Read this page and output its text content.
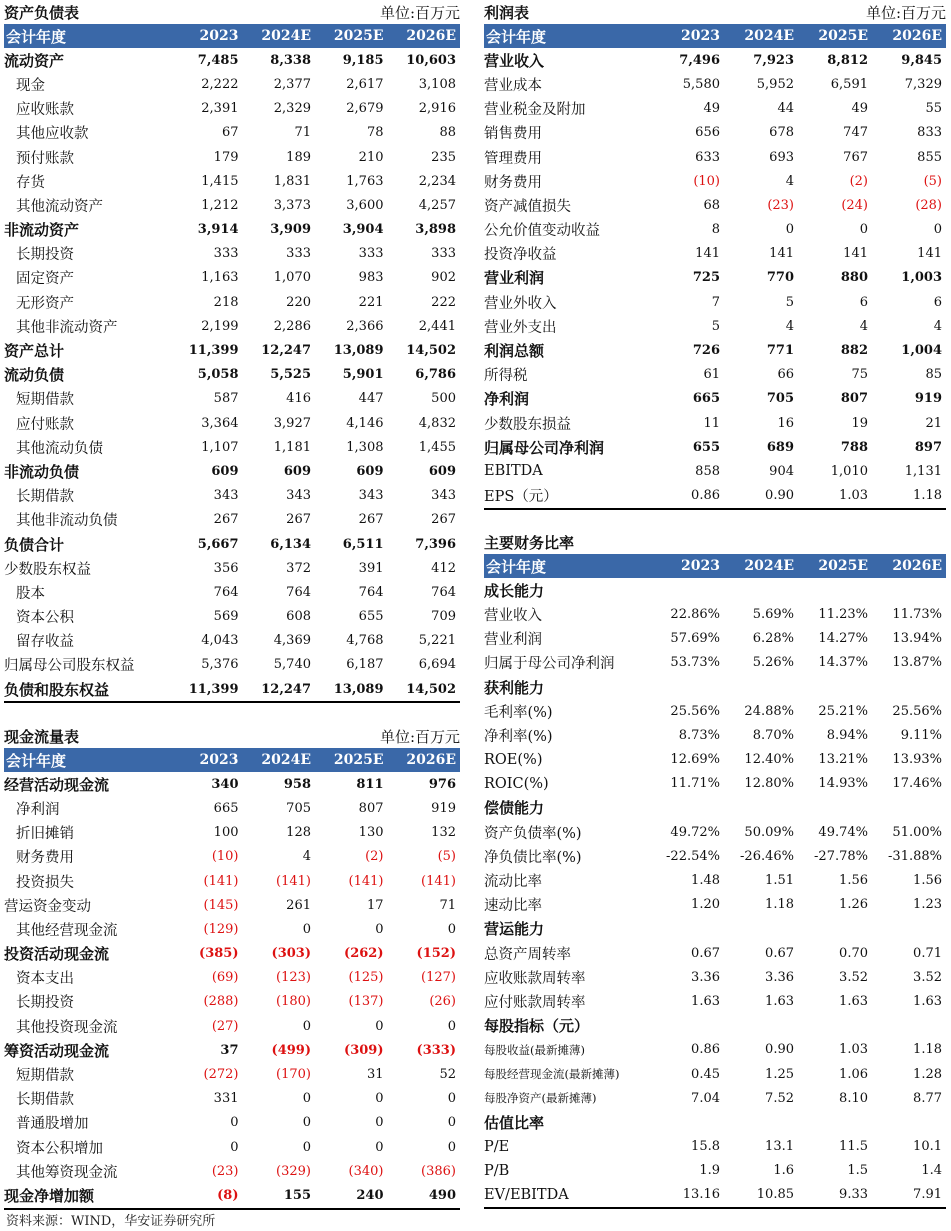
资产负债表	单位:百万元
会计年度	2023	2024E	2025E	2026E
流动资产	7,485	8,338	9,185	10,603
现金	2,222	2,377	2,617	3,108
应收账款	2,391	2,329	2,679	2,916
其他应收款	67	71	78	88
预付账款	179	189	210	235
存货	1,415	1,831	1,763	2,234
其他流动资产	1,212	3,373	3,600	4,257
非流动资产	3,914	3,909	3,904	3,898
长期投资	333	333	333	333
固定资产	1,163	1,070	983	902
无形资产	218	220	221	222
其他非流动资产	2,199	2,286	2,366	2,441
资产总计	11,399	12,247	13,089	14,502
流动负债	5,058	5,525	5,901	6,786
短期借款	587	416	447	500
应付账款	3,364	3,927	4,146	4,832
其他流动负债	1,107	1,181	1,308	1,455
非流动负债	609	609	609	609
长期借款	343	343	343	343
其他非流动负债	267	267	267	267
负债合计	5,667	6,134	6,511	7,396
少数股东权益	356	372	391	412
股本	764	764	764	764
资本公积	569	608	655	709
留存收益	4,043	4,369	4,768	5,221
归属母公司股东权益	5,376	5,740	6,187	6,694
负债和股东权益	11,399	12,247	13,089	14,502
利润表	单位:百万元
会计年度	2023	2024E	2025E	2026E
营业收入	7,496	7,923	8,812	9,845
营业成本	5,580	5,952	6,591	7,329
营业税金及附加	49	44	49	55
销售费用	656	678	747	833
管理费用	633	693	767	855
财务费用	(10)	4	(2)	(5)
资产减值损失	68	(23)	(24)	(28)
公允价值变动收益	8	0	0	0
投资净收益	141	141	141	141
营业利润	725	770	880	1,003
营业外收入	7	5	6	6
营业外支出	5	4	4	4
利润总额	726	771	882	1,004
所得税	61	66	75	85
净利润	665	705	807	919
少数股东损益	11	16	19	21
归属母公司净利润	655	689	788	897
EBITDA	858	904	1,010	1,131
EPS（元）	0.86	0.90	1.03	1.18
主要财务比率
会计年度	2023	2024E	2025E	2026E
成长能力				
营业收入	22.86%	5.69%	11.23%	11.73%
营业利润	57.69%	6.28%	14.27%	13.94%
归属于母公司净利润	53.73%	5.26%	14.37%	13.87%
获利能力				
毛利率(%)	25.56%	24.88%	25.21%	25.56%
净利率(%)	8.73%	8.70%	8.94%	9.11%
ROE(%)	12.69%	12.40%	13.21%	13.93%
ROIC(%)	11.71%	12.80%	14.93%	17.46%
偿债能力				
资产负债率(%)	49.72%	50.09%	49.74%	51.00%
净负债比率(%)	-22.54%	-26.46%	-27.78%	-31.88%
流动比率	1.48	1.51	1.56	1.56
速动比率	1.20	1.18	1.26	1.23
营运能力				
总资产周转率	0.67	0.67	0.70	0.71
应收账款周转率	3.36	3.36	3.52	3.52
应付账款周转率	1.63	1.63	1.63	1.63
每股指标（元）				
每股收益(最新摊薄)	0.86	0.90	1.03	1.18
每股经营现金流(最新摊薄)	0.45	1.25	1.06	1.28
每股净资产(最新摊薄)	7.04	7.52	8.10	8.77
估值比率				
P/E	15.8	13.1	11.5	10.1
P/B	1.9	1.6	1.5	1.4
EV/EBITDA	13.16	10.85	9.33	7.91
现金流量表	单位:百万元
会计年度	2023	2024E	2025E	2026E
经营活动现金流	340	958	811	976
净利润	665	705	807	919
折旧摊销	100	128	130	132
财务费用	(10)	4	(2)	(5)
投资损失	(141)	(141)	(141)	(141)
营运资金变动	(145)	261	17	71
其他经营现金流	(129)	0	0	0
投资活动现金流	(385)	(303)	(262)	(152)
资本支出	(69)	(123)	(125)	(127)
长期投资	(288)	(180)	(137)	(26)
其他投资现金流	(27)	0	0	0
筹资活动现金流	37	(499)	(309)	(333)
短期借款	(272)	(170)	31	52
长期借款	331	0	0	0
普通股增加	0	0	0	0
资本公积增加	0	0	0	0
其他筹资现金流	(23)	(329)	(340)	(386)
现金净增加额	(8)	155	240	490
资料来源：WIND，华安证券研究所
